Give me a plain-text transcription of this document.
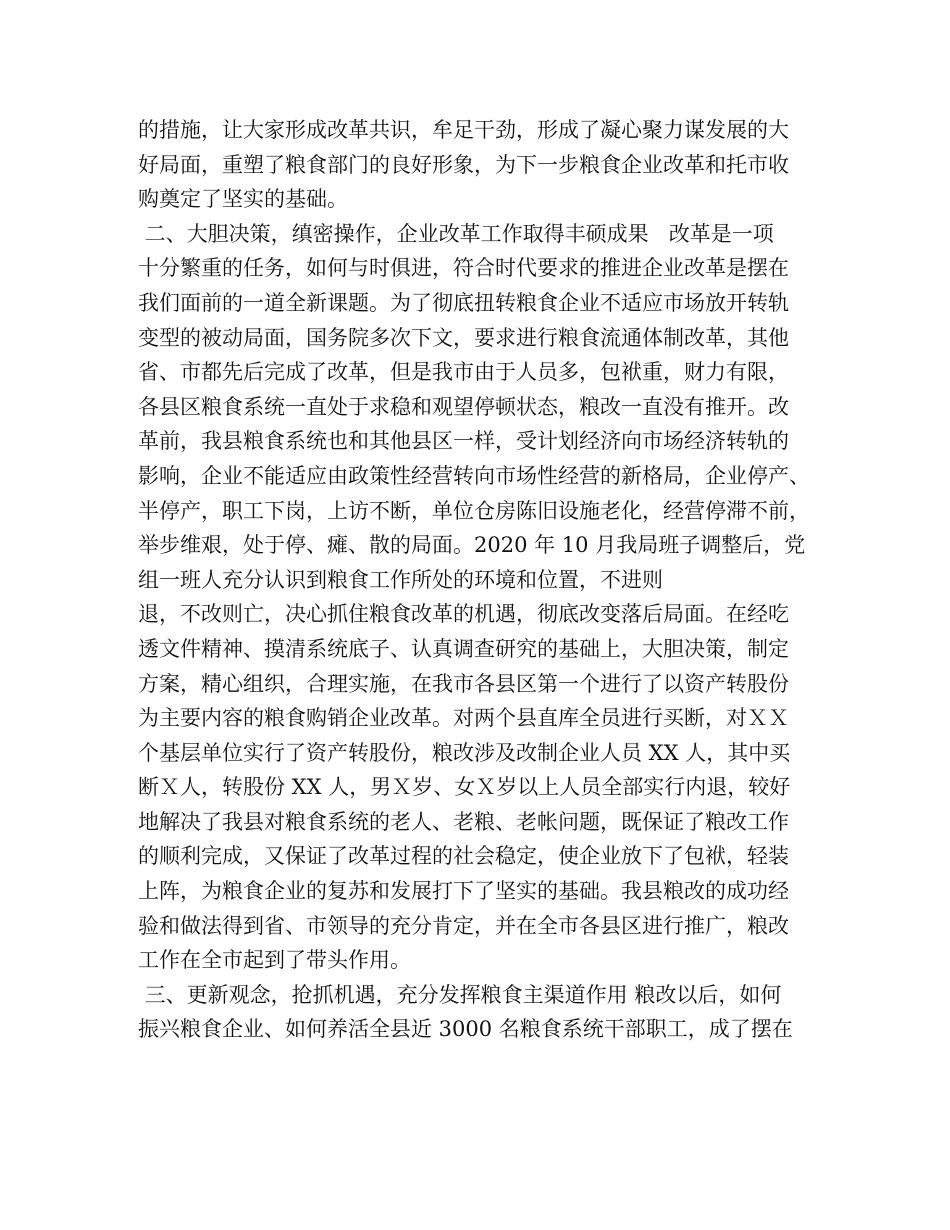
的措施，让大家形成改革共识，牟足干劲，形成了凝心聚力谋发展的大
好局面，重塑了粮食部门的良好形象，为下一步粮食企业改革和托市收
购奠定了坚实的基础。
二、大胆决策，缜密操作，企业改革工作取得丰硕成果   改革是一项
十分繁重的任务，如何与时俱进，符合时代要求的推进企业改革是摆在
我们面前的一道全新课题。为了彻底扭转粮食企业不适应市场放开转轨
变型的被动局面，国务院多次下文，要求进行粮食流通体制改革，其他
省、市都先后完成了改革，但是我市由于人员多，包袱重，财力有限，
各县区粮食系统一直处于求稳和观望停顿状态，粮改一直没有推开。改
革前，我县粮食系统也和其他县区一样，受计划经济向市场经济转轨的
影响，企业不能适应由政策性经营转向市场性经营的新格局，企业停产、
半停产，职工下岗，上访不断，单位仓房陈旧设施老化，经营停滞不前，
举步维艰，处于停、瘫、散的局面。2020 年 10 月我局班子调整后，党
组一班人充分认识到粮食工作所处的环境和位置，不进则
退，不改则亡，决心抓住粮食改革的机遇，彻底改变落后局面。在经吃
透文件精神、摸清系统底子、认真调查研究的基础上，大胆决策，制定
方案，精心组织，合理实施，在我市各县区第一个进行了以资产转股份
为主要内容的粮食购销企业改革。对两个县直库全员进行买断，对ＸＸ
个基层单位实行了资产转股份，粮改涉及改制企业人员 XX 人，其中买
断Ｘ人，转股份 XX 人，男Ｘ岁、女Ｘ岁以上人员全部实行内退，较好
地解决了我县对粮食系统的老人、老粮、老帐问题，既保证了粮改工作
的顺利完成，又保证了改革过程的社会稳定，使企业放下了包袱，轻装
上阵，为粮食企业的复苏和发展打下了坚实的基础。我县粮改的成功经
验和做法得到省、市领导的充分肯定，并在全市各县区进行推广，粮改
工作在全市起到了带头作用。
三、更新观念，抢抓机遇，充分发挥粮食主渠道作用 粮改以后，如何
振兴粮食企业、如何养活全县近 3000 名粮食系统干部职工，成了摆在
